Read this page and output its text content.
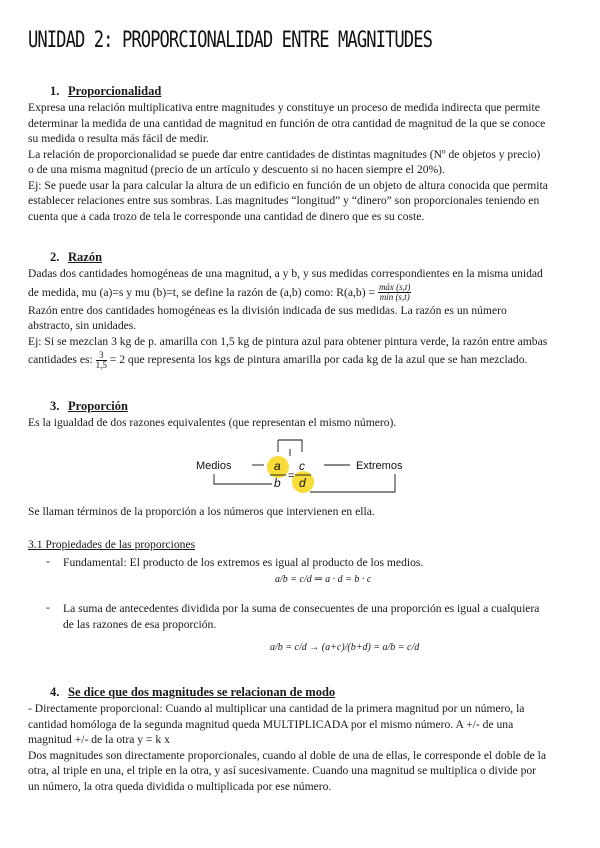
UNIDAD 2: PROPORCIONALIDAD ENTRE MAGNITUDES
1. Proporcionalidad
Expresa una relación multiplicativa entre magnitudes y constituye un proceso de medida indirecta que permite
determinar la medida de una cantidad de magnitud en función de otra cantidad de magnitud de la que se conoce
su medida o resulta más fácil de medir.
La relación de proporcionalidad se puede dar entre cantidades de distintas magnitudes (Nº de objetos y precio)
o de una misma magnitud (precio de un artículo y descuento si no hacen siempre el 20%).
Ej: Se puede usar la para calcular la altura de un edificio en función de un objeto de altura conocida que permita
establecer relaciones entre sus sombras. Las magnitudes “longitud” y “dinero” son proporcionales teniendo en
cuenta que a cada trozo de tela le corresponde una cantidad de dinero que es su coste.
2. Razón
Dadas dos cantidades homogéneas de una magnitud, a y b, y sus medidas correspondientes en la misma unidad
de medida, mu (a)=s y mu (b)=t, se define la razón de (a,b) como: $R(a,b) = \frac{\text{máx (s,t)}}{\text{mín (s,t)}}$
Razón entre dos cantidades homogéneas es la división indicada de sus medidas. La razón es un número
abstracto, sin unidades.
Ej: Si se mezclan 3 kg de p. amarilla con 1,5 kg de pintura azul para obtener pintura verde, la razón entre ambas
cantidades es: $\frac{3}{1,5} = 2$ que representa los kgs de pintura amarilla por cada kg de la azul que se han mezclado.
3. Proporción
Es la igualdad de dos razones equivalentes (que representan el mismo número).
Medios	Extremos
a
b =
c
d
Se llaman términos de la proporción a los números que intervienen en ella.
3.1 Propiedades de las proporciones
- Fundamental: El producto de los extremos es igual al producto de los medios.
a/b = c/d ⇒ a · d = b · c
- La suma de antecedentes dividida por la suma de consecuentes de una proporción es igual a cualquiera
de las razones de esa proporción.
a/b = c/d → (a+c)/(b+d) = a/b = c/d
4. Se dice que dos magnitudes se relacionan de modo
- Directamente proporcional: Cuando al multiplicar una cantidad de la primera magnitud por un número, la
cantidad homóloga de la segunda magnitud queda MULTIPLICADA por el mismo número. A +/- de una
magnitud +/- de la otra y = k x
Dos magnitudes son directamente proporcionales, cuando al doble de una de ellas, le corresponde el doble de la
otra, al triple en una, el triple en la otra, y así sucesivamente. Cuando una magnitud se multiplica o divide por
un número, la otra queda dividida o multiplicada por ese número.
